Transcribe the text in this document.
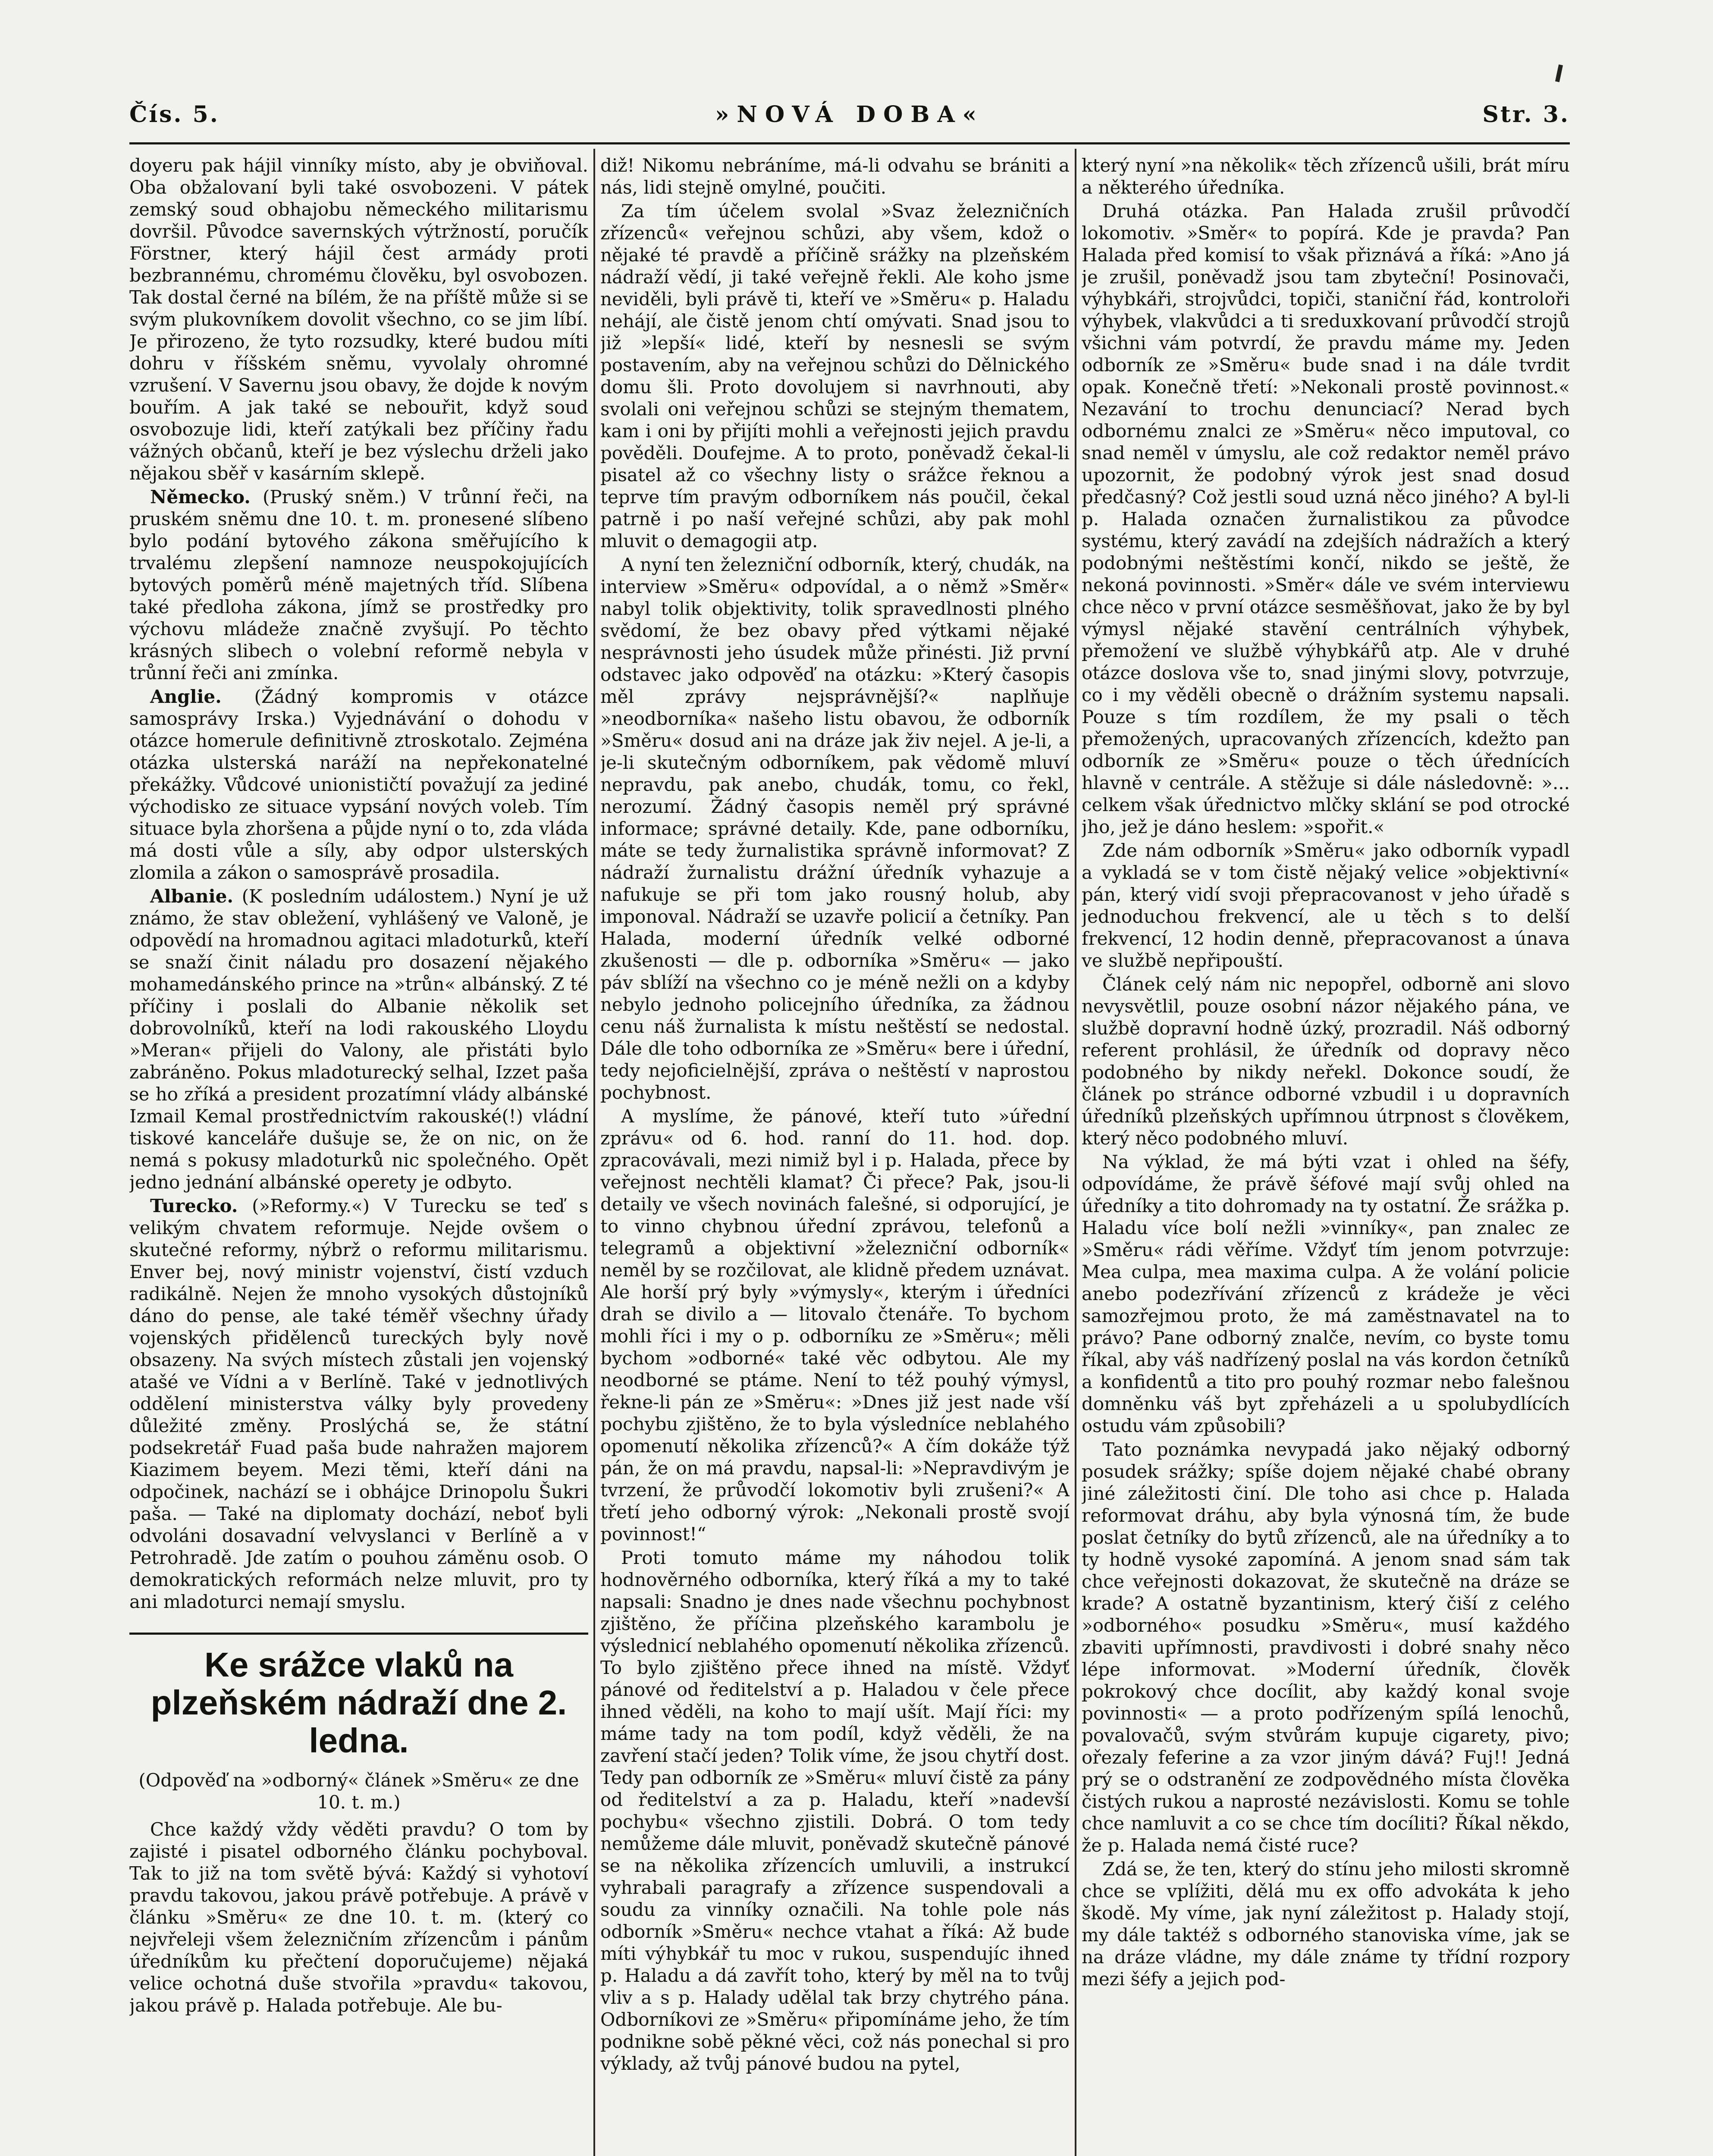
Čís. 5.	»NOVÁ DOBA«	Str. 3.

doyeru pak hájil vinníky místo, aby je obviňoval. Oba obžalovaní byli také osvobozeni. V pátek zemský soud obhajobu německého militarismu dovršil. Původce savernských výtržností, poručík Förstner, který hájil čest armády proti bezbrannému, chromému člověku, byl osvobozen. Tak dostal černé na bílém, že na příště může si se svým plukovníkem dovolit všechno, co se jim líbí. Je přirozeno, že tyto rozsudky, které budou míti dohru v říšském sněmu, vyvolaly ohromné vzrušení. V Savernu jsou obavy, že dojde k novým bouřím. A jak také se nebouřit, když soud osvobozuje lidi, kteří zatýkali bez příčiny řadu vážných občanů, kteří je bez výslechu drželi jako nějakou sběř v kasárním sklepě.

Německo. (Pruský sněm.) V trůnní řeči, na pruském sněmu dne 10. t. m. pronesené slíbeno bylo podání bytového zákona směřujícího k trvalému zlepšení namnoze neuspokojujících bytových poměrů méně majetných tříd. Slíbena také předloha zákona, jímž se prostředky pro výchovu mládeže značně zvyšují. Po těchto krásných slibech o volební reformě nebyla v trůnní řeči ani zmínka.

Anglie. (Žádný kompromis v otázce samosprávy Irska.) Vyjednávání o dohodu v otázce homerule definitivně ztroskotalo. Zejména otázka ulsterská naráží na nepřekonatelné překážky. Vůdcové unionističtí považují za jediné východisko ze situace vypsání nových voleb. Tím situace byla zhoršena a půjde nyní o to, zda vláda má dosti vůle a síly, aby odpor ulsterských zlomila a zákon o samosprávě prosadila.

Albanie. (K posledním událostem.) Nyní je už známo, že stav obležení, vyhlášený ve Valoně, je odpovědí na hromadnou agitaci mladoturků, kteří se snaží činit náladu pro dosazení nějakého mohamedánského prince na »trůn« albánský. Z té příčiny i poslali do Albanie několik set dobrovolníků, kteří na lodi rakouského Lloydu »Meran« přijeli do Valony, ale přistáti bylo zabráněno. Pokus mladoturecký selhal, Izzet paša se ho zříká a president prozatímní vlády albánské Izmail Kemal prostřednictvím rakouské(!) vládní tiskové kanceláře dušuje se, že on nic, on že nemá s pokusy mladoturků nic společného. Opět jedno jednání albánské operety je odbyto.

Turecko. (»Reformy.«) V Turecku se teď s velikým chvatem reformuje. Nejde ovšem o skutečné reformy, nýbrž o reformu militarismu. Enver bej, nový ministr vojenství, čistí vzduch radikálně. Nejen že mnoho vysokých důstojníků dáno do pense, ale také téměř všechny úřady vojenských přidělenců tureckých byly nově obsazeny. Na svých místech zůstali jen vojenský atašé ve Vídni a v Berlíně. Také v jednotlivých oddělení ministerstva války byly provedeny důležité změny. Proslýchá se, že státní podsekretář Fuad paša bude nahražen majorem Kiazimem beyem. Mezi těmi, kteří dáni na odpočinek, nachází se i obhájce Drinopolu Šukri paša. — Také na diplomaty dochází, neboť byli odvoláni dosavadní velvyslanci v Berlíně a v Petrohradě. Jde zatím o pouhou záměnu osob. O demokratických reformách nelze mluvit, pro ty ani mladoturci nemají smyslu.

Ke srážce vlaků na plzeňském nádraží dne 2. ledna.

(Odpověď na »odborný« článek »Směru« ze dne 10. t. m.)

Chce každý vždy věděti pravdu? O tom by zajisté i pisatel odborného článku pochyboval. Tak to již na tom světě bývá: Každý si vyhotoví pravdu takovou, jakou právě potřebuje. A právě v článku »Směru« ze dne 10. t. m. (který co nejvřeleji všem železničním zřízencům i pánům úředníkům ku přečtení doporučujeme) nějaká velice ochotná duše stvořila »pravdu« takovou, jakou právě p. Halada potřebuje. Ale bu-

diž! Nikomu nebráníme, má-li odvahu se brániti a nás, lidi stejně omylné, poučiti.

Za tím účelem svolal »Svaz železničních zřízenců« veřejnou schůzi, aby všem, kdož o nějaké té pravdě a příčině srážky na plzeňském nádraží vědí, ji také veřejně řekli. Ale koho jsme neviděli, byli právě ti, kteří ve »Směru« p. Haladu nehájí, ale čistě jenom chtí omývati. Snad jsou to již »lepší« lidé, kteří by nesnesli se svým postavením, aby na veřejnou schůzi do Dělnického domu šli. Proto dovolujem si navrhnouti, aby svolali oni veřejnou schůzi se stejným thematem, kam i oni by přijíti mohli a veřejnosti jejich pravdu pověděli. Doufejme. A to proto, poněvadž čekal-li pisatel až co všechny listy o srážce řeknou a teprve tím pravým odborníkem nás poučil, čekal patrně i po naší veřejné schůzi, aby pak mohl mluvit o demagogii atp.

A nyní ten železniční odborník, který, chudák, na interview »Směru« odpovídal, a o němž »Směr« nabyl tolik objektivity, tolik spravedlnosti plného svědomí, že bez obavy před výtkami nějaké nesprávnosti jeho úsudek může přinésti. Již první odstavec jako odpověď na otázku: »Který časopis měl zprávy nejsprávnější?« naplňuje »neodborníka« našeho listu obavou, že odborník »Směru« dosud ani na dráze jak živ nejel. A je-li, a je-li skutečným odborníkem, pak vědomě mluví nepravdu, pak anebo, chudák, tomu, co řekl, nerozumí. Žádný časopis neměl prý správné informace; správné detaily. Kde, pane odborníku, máte se tedy žurnalistika správně informovat? Z nádraží žurnalistu drážní úředník vyhazuje a nafukuje se při tom jako rousný holub, aby imponoval. Nádraží se uzavře policií a četníky. Pan Halada, moderní úředník velké odborné zkušenosti — dle p. odborníka »Směru« — jako páv sblíží na všechno co je méně nežli on a kdyby nebylo jednoho policejního úředníka, za žádnou cenu náš žurnalista k místu neštěstí se nedostal. Dále dle toho odborníka ze »Směru« bere i úřední, tedy nejoficielnější, zpráva o neštěstí v naprostou pochybnost.

A myslíme, že pánové, kteří tuto »úřední zprávu« od 6. hod. ranní do 11. hod. dop. zpracovávali, mezi nimiž byl i p. Halada, přece by veřejnost nechtěli klamat? Či přece? Pak, jsou-li detaily ve všech novinách falešné, si odporující, je to vinno chybnou úřední zprávou, telefonů a telegramů a objektivní »železniční odborník« neměl by se rozčilovat, ale klidně předem uznávat. Ale horší prý byly »výmysly«, kterým i úředníci drah se divilo a — litovalo čtenáře. To bychom mohli říci i my o p. odborníku ze »Směru«; měli bychom »odborné« také věc odbytou. Ale my neodborné se ptáme. Není to též pouhý výmysl, řekne-li pán ze »Směru«: »Dnes již jest nade vší pochybu zjištěno, že to byla výsledníce neblahého opomenutí několika zřízenců?« A čím dokáže týž pán, že on má pravdu, napsal-li: »Nepravdivým je tvrzení, že průvodčí lokomotiv byli zrušeni?« A třetí jeho odborný výrok: „Nekonali prostě svojí povinnost!“

Proti tomuto máme my náhodou tolik hodnověrného odborníka, který říká a my to také napsali: Snadno je dnes nade všechnu pochybnost zjištěno, že příčina plzeňského karambolu je výslednicí neblahého opomenutí několika zřízenců. To bylo zjištěno přece ihned na místě. Vždyť pánové od ředitelství a p. Haladou v čele přece ihned věděli, na koho to mají ušít. Mají říci: my máme tady na tom podíl, když věděli, že na zavření stačí jeden? Tolik víme, že jsou chytří dost. Tedy pan odborník ze »Směru« mluví čistě za pány od ředitelství a za p. Haladu, kteří »nadevší pochybu« všechno zjistili. Dobrá. O tom tedy nemůžeme dále mluvit, poněvadž skutečně pánové se na několika zřízencích umluvili, a instrukcí vyhrabali paragrafy a zřízence suspendovali a soudu za vinníky označili. Na tohle pole nás odborník »Směru« nechce vtahat a říká: Až bude míti výhybkář tu moc v rukou, suspendujíc ihned p. Haladu a dá zavřít toho, který by měl na to tvůj vliv a s p. Halady udělal tak brzy chytrého pána. Odborníkovi ze »Směru« připomínáme jeho, že tím podnikne sobě pěkné věci, což nás ponechal si pro výklady, až tvůj pánové budou na pytel,

který nyní »na několik« těch zřízenců ušili, brát míru a některého úředníka.

Druhá otázka. Pan Halada zrušil průvodčí lokomotiv. »Směr« to popírá. Kde je pravda? Pan Halada před komisí to však přiznává a říká: »Ano já je zrušil, poněvadž jsou tam zbyteční! Posinovači, výhybkáři, strojvůdci, topiči, staniční řád, kontroloři výhybek, vlakvůdci a ti sreduxkovaní průvodčí strojů všichni vám potvrdí, že pravdu máme my. Jeden odborník ze »Směru« bude snad i na dále tvrdit opak. Konečně třetí: »Nekonali prostě povinnost.« Nezavání to trochu denunciací? Nerad bych odbornému znalci ze »Směru« něco imputoval, co snad neměl v úmyslu, ale což redaktor neměl právo upozornit, že podobný výrok jest snad dosud předčasný? Což jestli soud uzná něco jiného? A byl-li p. Halada označen žurnalistikou za původce systému, který zavádí na zdejších nádražích a který podobnými neštěstími končí, nikdo se ještě, že nekoná povinnosti. »Směr« dále ve svém interviewu chce něco v první otázce sesměšňovat, jako že by byl výmysl nějaké stavění centrálních výhybek, přemožení ve službě výhybkářů atp. Ale v druhé otázce doslova vše to, snad jinými slovy, potvrzuje, co i my věděli obecně o drážním systemu napsali. Pouze s tím rozdílem, že my psali o těch přemožených, upracovaných zřízencích, kdežto pan odborník ze »Směru« pouze o těch úřednících hlavně v centrále. A stěžuje si dále následovně: »... celkem však úřednictvo mlčky sklání se pod otrocké jho, jež je dáno heslem: »spořit.«

Zde nám odborník »Směru« jako odborník vypadl a vykladá se v tom čistě nějaký velice »objektivní« pán, který vidí svoji přepracovanost v jeho úřadě s jednoduchou frekvencí, ale u těch s to delší frekvencí, 12 hodin denně, přepracovanost a únava ve službě nepřipouští.

Článek celý nám nic nepopřel, odborně ani slovo nevysvětlil, pouze osobní názor nějakého pána, ve službě dopravní hodně úzký, prozradil. Náš odborný referent prohlásil, že úředník od dopravy něco podobného by nikdy neřekl. Dokonce soudí, že článek po stránce odborné vzbudil i u dopravních úředníků plzeňských upřímnou útrpnost s člověkem, který něco podobného mluví.

Na výklad, že má býti vzat i ohled na šéfy, odpovídáme, že právě šéfové mají svůj ohled na úředníky a tito dohromady na ty ostatní. Že srážka p. Haladu více bolí nežli »vinníky«, pan znalec ze »Směru« rádi věříme. Vždyť tím jenom potvrzuje: Mea culpa, mea maxima culpa. A že volání policie anebo podezřívání zřízenců z krádeže je věci samozřejmou proto, že má zaměstnavatel na to právo? Pane odborný znalče, nevím, co byste tomu říkal, aby váš nadřízený poslal na vás kordon četníků a konfidentů a tito pro pouhý rozmar nebo falešnou domněnku váš byt zpřeházeli a u spolubydlících ostudu vám způsobili?

Tato poznámka nevypadá jako nějaký odborný posudek srážky; spíše dojem nějaké chabé obrany jiné záležitosti činí. Dle toho asi chce p. Halada reformovat dráhu, aby byla výnosná tím, že bude poslat četníky do bytů zřízenců, ale na úředníky a to ty hodně vysoké zapomíná. A jenom snad sám tak chce veřejnosti dokazovat, že skutečně na dráze se krade? A ostatně byzantinism, který čiší z celého »odborného« posudku »Směru«, musí každého zbaviti upřímnosti, pravdivosti i dobré snahy něco lépe informovat. »Moderní úředník, člověk pokrokový chce docílit, aby každý konal svoje povinnosti« — a proto podřízeným spílá lenochů, povalovačů, svým stvůrám kupuje cigarety, pivo; ořezaly feferine a za vzor jiným dává? Fuj!! Jedná prý se o odstranění ze zodpovědného místa člověka čistých rukou a naprosté nezávislosti. Komu se tohle chce namluvit a co se chce tím docíliti? Říkal někdo, že p. Halada nemá čisté ruce?

Zdá se, že ten, který do stínu jeho milosti skromně chce se vplížiti, dělá mu ex offo advokáta k jeho škodě. My víme, jak nyní záležitost p. Halady stojí, my dále taktéž s odborného stanoviska víme, jak se na dráze vládne, my dále známe ty třídní rozpory mezi šéfy a jejich pod-
